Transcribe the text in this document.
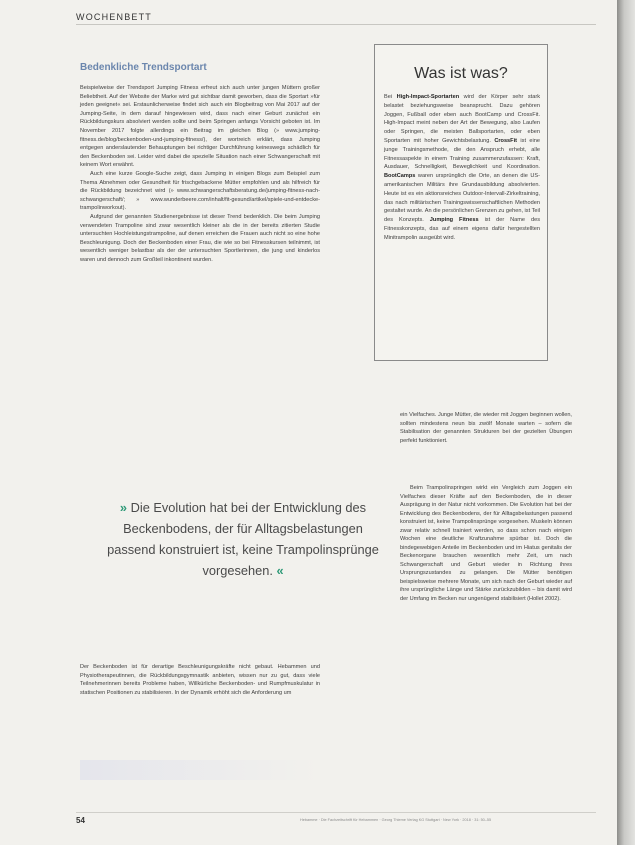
WOCHENBETT
Bedenkliche Trendsportart

Beispielweise der Trendsport Jumping Fitness erfreut sich auch unter jungen Müttern großer Beliebtheit. Auf der Website der Marke wird gut sichtbar damit geworben, dass die Sportart »für jeden geeignet« sei. Erstaunlicherweise findet sich auch ein Blogbeitrag von Mai 2017 auf der Jumping-Seite, in dem darauf hingewiesen wird, dass nach einer Geburt zunächst ein Rückbildungskurs absolviert werden sollte und beim Springen anfangs Vorsicht geboten ist. Im November 2017 folgte allerdings ein Beitrag im gleichen Blog (» www.jumping-fitness.de/blog/beckenboden-und-jumping-fitness/), der wortreich erklärt, dass Jumping entgegen anderslautender Behauptungen bei richtiger Durchführung keineswegs schädlich für den Beckenboden sei. Leider wird dabei die spezielle Situation nach einer Schwangerschaft mit keinem Wort erwähnt.

Auch eine kurze Google-Suche zeigt, dass Jumping in einigen Blogs zum Beispiel zum Thema Abnehmen oder Gesundheit für frischgebackene Mütter empfohlen und als hilfreich für die Rückbildung bezeichnet wird (» www.schwangerschaftsberatung.de/jumping-fitness-nach-schwangerschaft/; » www.wunderbeere.com/inhalt/fit-gesund/artikel/spiele-und-entdecke-trampolinworkout).

Aufgrund der genannten Studienergebnisse ist dieser Trend bedenklich. Die beim Jumping verwendeten Trampoline sind zwar wesentlich kleiner als die in der bereits zitierten Studie untersuchten Hochleistungstrampoline, auf denen erreichen die Frauen auch nicht so eine hohe Beschleunigung. Doch der Beckenboden einer Frau, die wie so bei Fitnesskursen teilnimmt, ist wesentlich weniger belastbar als der der untersuchten Sportlerinnen, die jung und kinderlos waren und dennoch zum Großteil inkontinent wurden.

Was ist was?
Bei High-Impact-Sportarten wird der Körper sehr stark belastet beziehungsweise beansprucht. Dazu gehören Joggen, Fußball oder eben auch BootCamp und CrossFit. High-Impact meint neben der Art der Bewegung, also Laufen oder Springen, die meisten Ballsportarten, oder eben Sportarten mit hoher Gewichtsbelastung. CrossFit ist eine junge Trainingsmethode, die den Anspruch erhebt, alle Fitnessaspekte in einem Training zusammenzufassen: Kraft, Ausdauer, Schnelligkeit, Beweglichkeit und Koordination. BootCamps waren ursprünglich die Orte, an denen die US-amerikanischen Militärs ihre Grundausbildung absolvierten. Heute ist es ein aktionsreiches Outdoor-Intervall-Zirkeltraining, das nach militärischen Trainingswissenschaftlichen Methoden gestaltet wurde. An die persönlichen Grenzen zu gehen, ist Teil des Konzepts. Jumping Fitness ist der Name des Fitnesskonzepts, das auf einem eigens dafür hergestellten Minitrampolin ausgeübt wird.

ein Vielfaches. Junge Mütter, die wieder mit Joggen beginnen wollen, sollten mindestens neun bis zwölf Monate warten – sofern die Stabilisation der genannten Strukturen bei der gezielten Übungen perfekt funktioniert.

Beim Trampolinspringen wirkt ein Vergleich zum Joggen ein Vielfaches dieser Kräfte auf den Beckenboden, die in dieser Ausprägung in der Natur nicht vorkommen. Die Evolution hat bei der Entwicklung des Beckenbodens, der für Alltagsbelastungen passend konstruiert ist, keine Trampolinsprünge vorgesehen. Muskeln können zwar relativ schnell trainiert werden, so dass schon nach einigen Wochen eine deutliche Kraftzunahme spürbar ist. Doch die bindegewebigen Anteile im Beckenboden und im Hiatus genitalis der Beckenorgane brauchen wesentlich mehr Zeit, um nach Schwangerschaft und Geburt wieder in Richtung ihres Ursprungszustandes zu gelangen. Die Mütter benötigen beispielsweise mehrere Monate, um sich nach der Geburt wieder auf ihre ursprüngliche Länge und Stärke zurückzubilden – bis damit wird der Umfang im Becken nur ungenügend stabilisiert (Hollet 2002).

» Die Evolution hat bei der Entwicklung des Beckenbodens, der für Alltagsbelastungen passend konstruiert ist, keine Trampolinsprünge vorgesehen. «

Der Beckenboden ist für derartige Beschleunigungskräfte nicht gebaut. Hebammen und Physiotherapeutinnen, die Rückbildungsgymnastik anbieten, wissen nur zu gut, dass viele Teilnehmerinnen bereits Probleme haben, Willkürliche Beckenboden- und Rumpfmuskulatur in statischen Positionen zu stabilisieren. In der Dynamik erhöht sich die Anforderung um

54	Hebamme · Die Fachzeitschrift für Hebammen · Georg Thieme Verlag KG Stuttgart · New York · 2018 · 31: 50–55
